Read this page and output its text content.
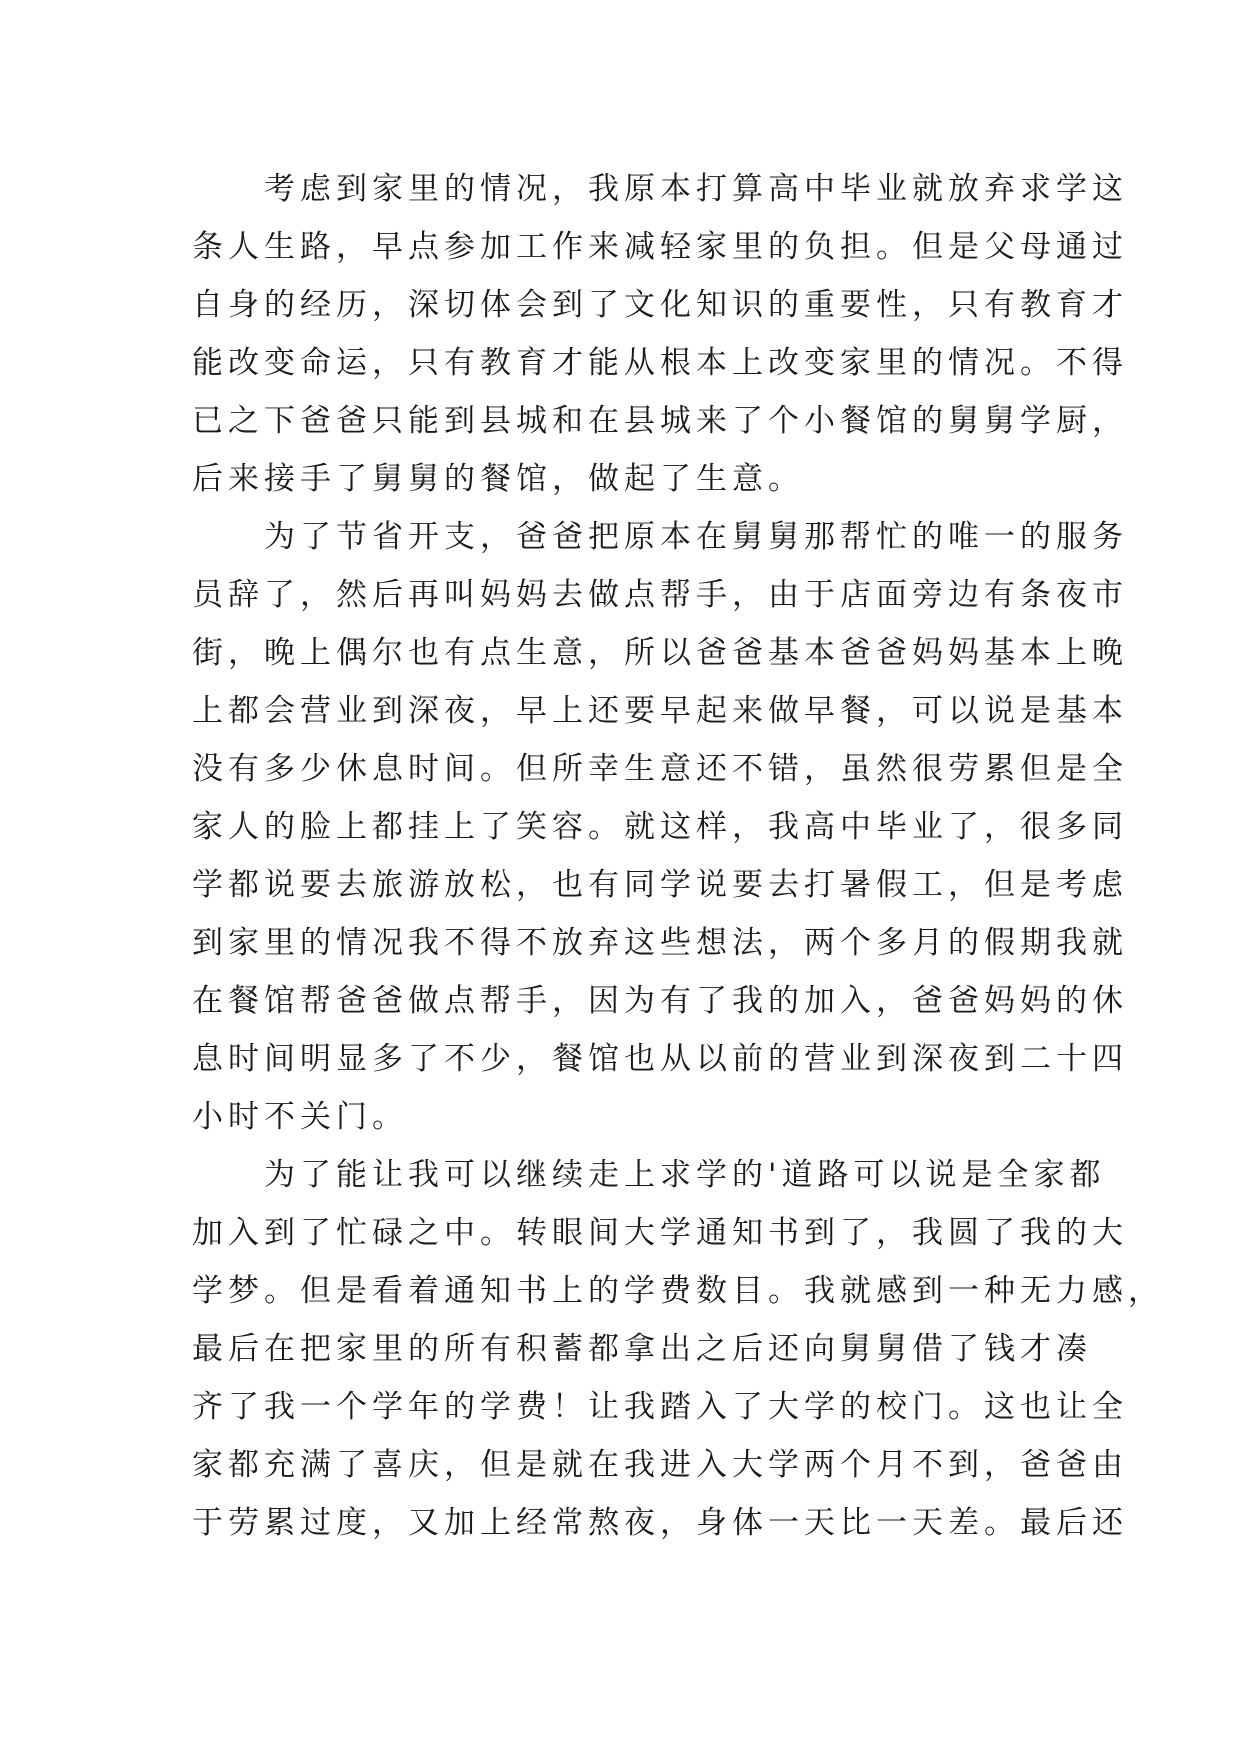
　　考虑到家里的情况，我原本打算高中毕业就放弃求学这
条人生路，早点参加工作来减轻家里的负担。但是父母通过
自身的经历，深切体会到了文化知识的重要性，只有教育才
能改变命运，只有教育才能从根本上改变家里的情况。不得
已之下爸爸只能到县城和在县城来了个小餐馆的舅舅学厨，
后来接手了舅舅的餐馆，做起了生意。
　　为了节省开支，爸爸把原本在舅舅那帮忙的唯一的服务
员辞了，然后再叫妈妈去做点帮手，由于店面旁边有条夜市
街，晚上偶尔也有点生意，所以爸爸基本爸爸妈妈基本上晚
上都会营业到深夜，早上还要早起来做早餐，可以说是基本
没有多少休息时间。但所幸生意还不错，虽然很劳累但是全
家人的脸上都挂上了笑容。就这样，我高中毕业了，很多同
学都说要去旅游放松，也有同学说要去打暑假工，但是考虑
到家里的情况我不得不放弃这些想法，两个多月的假期我就
在餐馆帮爸爸做点帮手，因为有了我的加入，爸爸妈妈的休
息时间明显多了不少，餐馆也从以前的营业到深夜到二十四
小时不关门。
　　为了能让我可以继续走上求学的'道路可以说是全家都
加入到了忙碌之中。转眼间大学通知书到了，我圆了我的大
学梦。但是看着通知书上的学费数目。我就感到一种无力感，
最后在把家里的所有积蓄都拿出之后还向舅舅借了钱才凑
齐了我一个学年的学费！让我踏入了大学的校门。这也让全
家都充满了喜庆，但是就在我进入大学两个月不到，爸爸由
于劳累过度，又加上经常熬夜，身体一天比一天差。最后还
